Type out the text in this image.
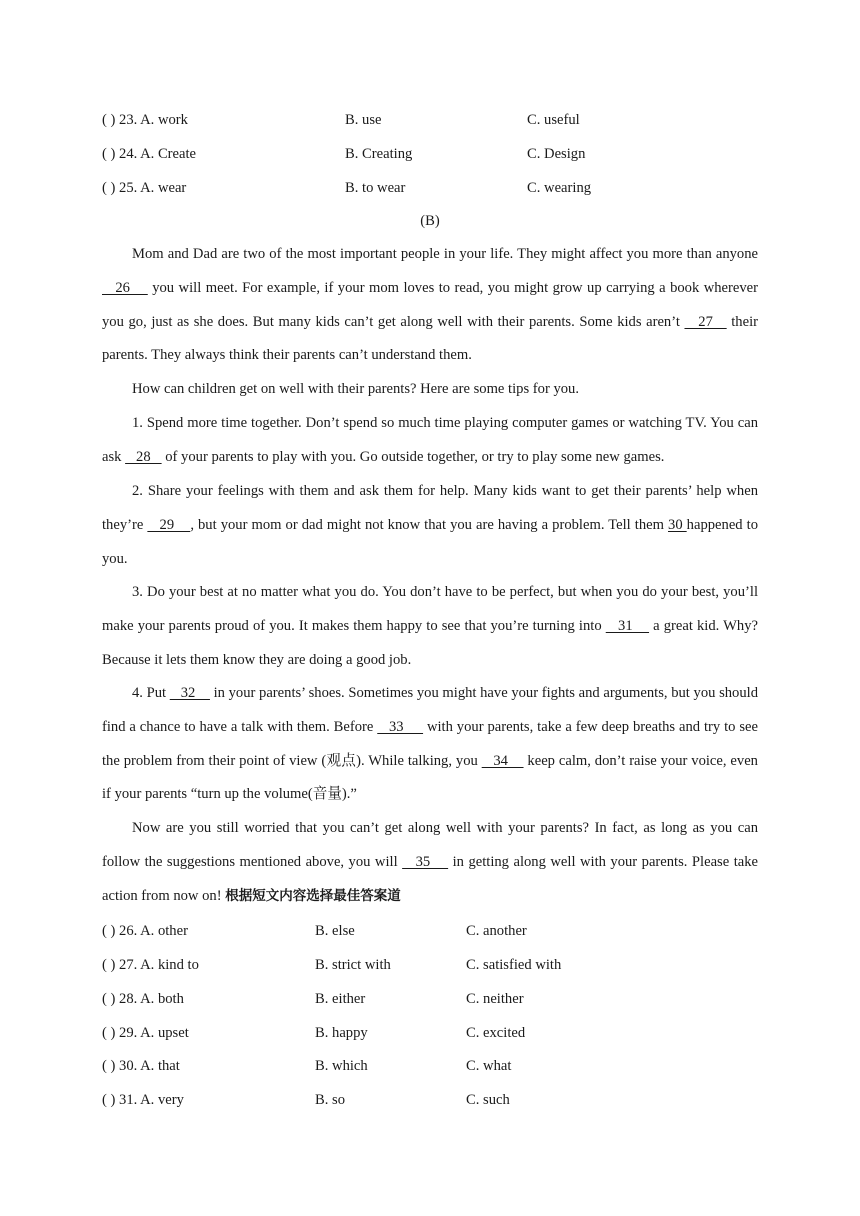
( ) 23. A. work	B. use	C. useful
( ) 24. A. Create	B. Creating	C. Design
( ) 25. A. wear	B. to wear	C. wearing
(B)
Mom and Dad are two of the most important people in your life. They might affect you more than anyone    26     you will meet. For example, if your mom loves to read, you might grow up carrying a book wherever you go, just as she does. But many kids can’t get along well with their parents. Some kids aren’t    27    their parents. They always think their parents can’t understand them.
How can children get on well with their parents? Here are some tips for you.
1. Spend more time together. Don’t spend so much time playing computer games or watching TV. You can ask    28    of your parents to play with you. Go outside together, or try to play some new games.
2. Share your feelings with them and ask them for help. Many kids want to get their parents’ help when they’re    29    , but your mom or dad might not know that you are having a problem. Tell them 30 happened to you.
3. Do your best at no matter what you do. You don’t have to be perfect, but when you do your best, you’ll make your parents proud of you. It makes them happy to see that you’re turning into    31     a great kid. Why? Because it lets them know they are doing a good job.
4. Put    32     in your parents’ shoes. Sometimes you might have your fights and arguments, but you should find a chance to have a talk with them. Before    33      with your parents, take a few deep breaths and try to see the problem from their point of view (观点). While talking, you    34     keep calm, don’t raise your voice, even if your parents “turn up the volume(音量).”
Now are you still worried that you can’t get along well with your parents? In fact, as long as you can follow the suggestions mentioned above, you will    35     in getting along well with your parents. Please take action from now on! 根据短文内容选择最佳答案道
( ) 26. A. other	B. else	C. another
( ) 27. A. kind to	B. strict with	C. satisfied with
( ) 28. A. both	B. either	C. neither
( ) 29. A. upset	B. happy	C. excited
( ) 30. A. that	B. which	C. what
( ) 31. A. very	B. so	C. such
